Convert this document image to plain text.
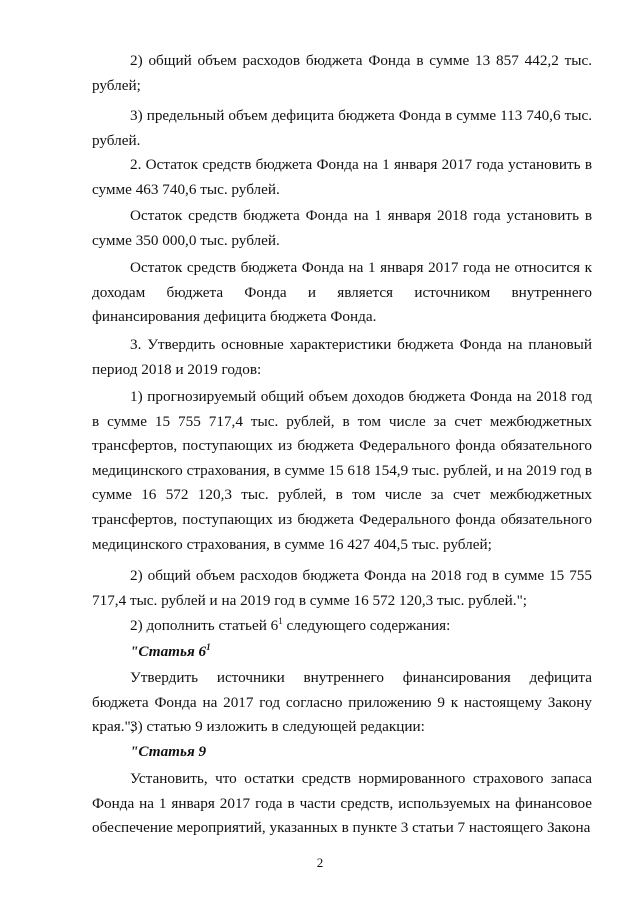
2) общий объем расходов бюджета Фонда в сумме 13 857 442,2 тыс. рублей;

3) предельный объем дефицита бюджета Фонда в сумме 113 740,6 тыс. рублей.

2. Остаток средств бюджета Фонда на 1 января 2017 года установить в сумме 463 740,6 тыс. рублей.

Остаток средств бюджета Фонда на 1 января 2018 года установить в сумме 350 000,0 тыс. рублей.

Остаток средств бюджета Фонда на 1 января 2017 года не относится к доходам бюджета Фонда и является источником внутреннего финансирования дефицита бюджета Фонда.

3. Утвердить основные характеристики бюджета Фонда на плановый период 2018 и 2019 годов:

1) прогнозируемый общий объем доходов бюджета Фонда на 2018 год в сумме 15 755 717,4 тыс. рублей, в том числе за счет межбюджетных трансфертов, поступающих из бюджета Федерального фонда обязательного медицинского страхования, в сумме 15 618 154,9 тыс. рублей, и на 2019 год в сумме 16 572 120,3 тыс. рублей, в том числе за счет межбюджетных трансфертов, поступающих из бюджета Федерального фонда обязательного медицинского страхования, в сумме 16 427 404,5 тыс. рублей;

2) общий объем расходов бюджета Фонда на 2018 год в сумме 15 755 717,4 тыс. рублей и на 2019 год в сумме 16 572 120,3 тыс. рублей.";

2) дополнить статьей $6^1$ следующего содержания:

"Статья $6^1$

Утвердить источники внутреннего финансирования дефицита бюджета Фонда на 2017 год согласно приложению 9 к настоящему Закону края.";

3) статью 9 изложить в следующей редакции:

"Статья 9

Установить, что остатки средств нормированного страхового запаса Фонда на 1 января 2017 года в части средств, используемых на финансовое обеспечение мероприятий, указанных в пункте 3 статьи 7 настоящего Закона

2
